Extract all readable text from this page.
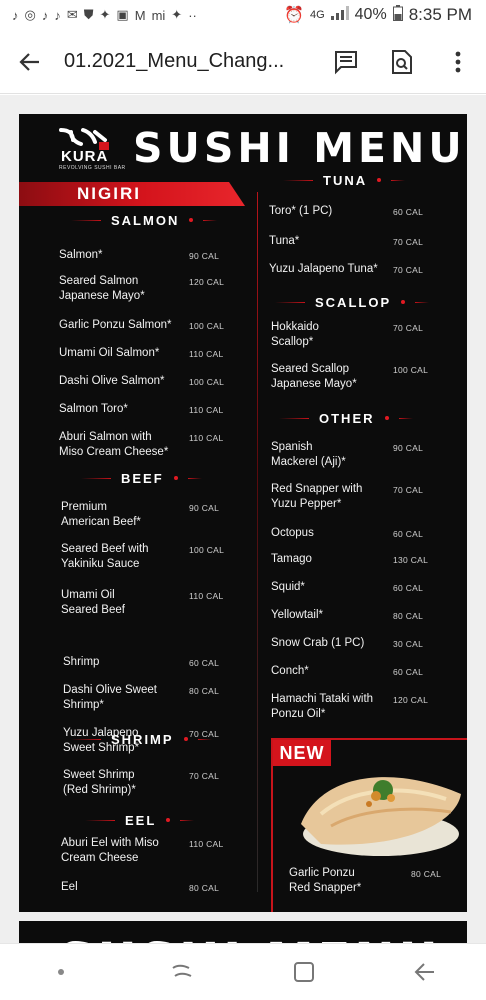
♪ ◎ ♪ ♪ ✉ ⛊ ✦ ▣ M mi ✦ ··	⏰ 4G 40% 8:35 PM
01.2021_Menu_Chang...
KURA
REVOLVING SUSHI BAR SUSHI MENU
NIGIRI
SALMON
BEEF
SHRIMP
EEL
TUNA
SCALLOP
OTHER
Salmon*	90 CAL
Seared Salmon
Japanese Mayo*
120 CAL
Garlic Ponzu Salmon* 100 CAL
Umami Oil Salmon*	110 CAL
Dashi Olive Salmon*	100 CAL
Salmon Toro*	110 CAL
Aburi Salmon with
Miso Cream Cheese*
110 CAL
Premium
American Beef*
90 CAL
Seared Beef with
Yakiniku Sauce
100 CAL
Umami Oil
Seared Beef
110 CAL
Shrimp	60 CAL
Dashi Olive Sweet
Shrimp*
80 CAL
Yuzu Jalapeno
Sweet Shrimp*
70 CAL
Sweet Shrimp
(Red Shrimp)*
70 CAL
Aburi Eel with Miso
Cream Cheese
110 CAL
Eel	80 CAL
Toro* (1 PC)	60 CAL
Tuna*	70 CAL
Yuzu Jalapeno Tuna* 70 CAL
Hokkaido
Scallop*
70 CAL
Seared Scallop
Japanese Mayo*
100 CAL
Spanish
Mackerel (Aji)*
90 CAL
Red Snapper with
Yuzu Pepper*
70 CAL
Octopus	60 CAL
Tamago	130 CAL
Squid*	60 CAL
Yellowtail*	80 CAL
Snow Crab (1 PC)	30 CAL
Conch*	60 CAL
Hamachi Tataki with
Ponzu Oil*
120 CAL
NEW
Garlic Ponzu
Red Snapper*
80 CAL
